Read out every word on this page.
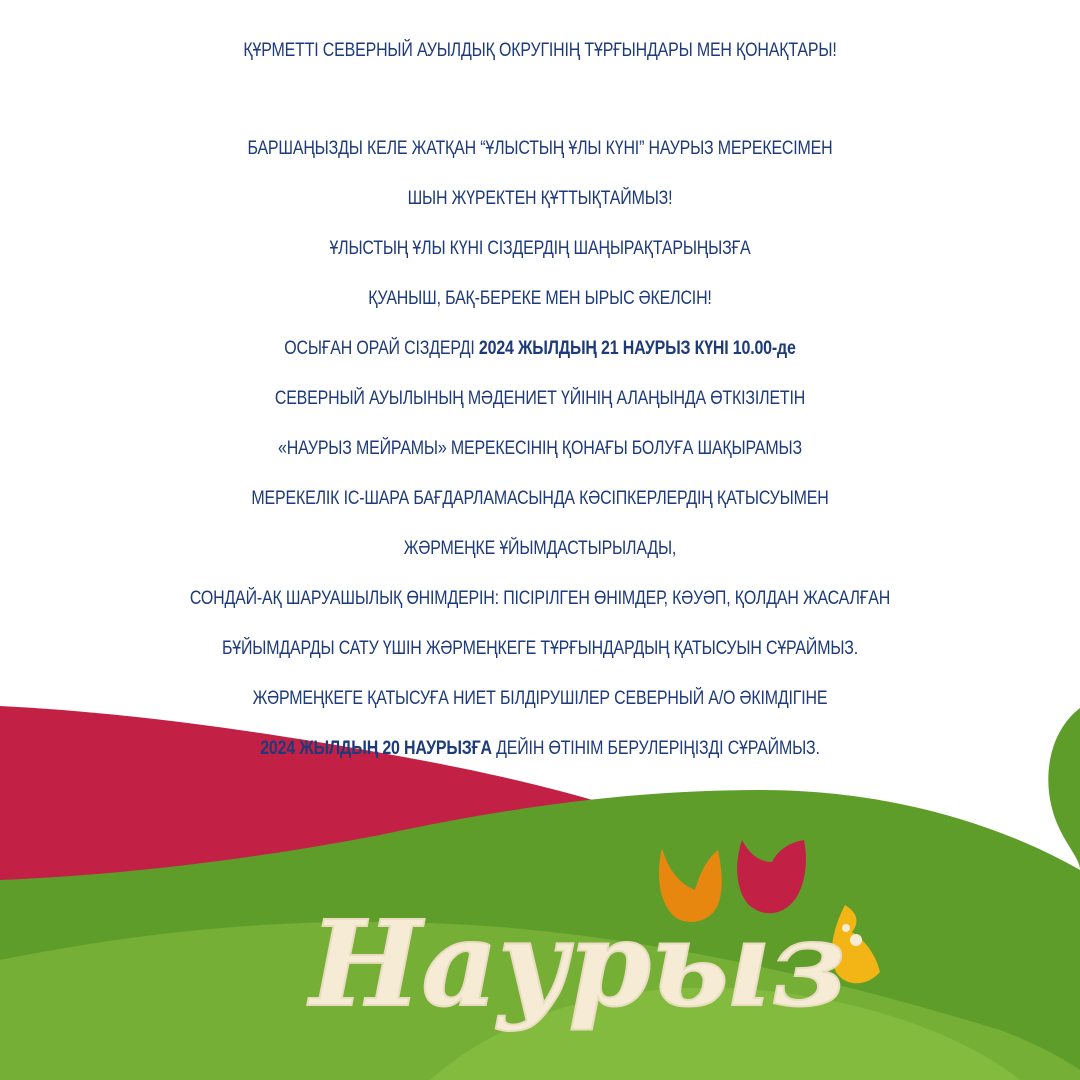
ҚҰРМЕТТІ СЕВЕРНЫЙ АУЫЛДЫҚ ОКРУГІНІҢ ТҰРҒЫНДАРЫ МЕН ҚОНАҚТАРЫ!
БАРШАҢЫЗДЫ КЕЛЕ ЖАТҚАН “ҰЛЫСТЫҢ ҰЛЫ КҮНІ” НАУРЫЗ МЕРЕКЕСІМЕН
ШЫН ЖҮРЕКТЕН ҚҰТТЫҚТАЙМЫЗ!
ҰЛЫСТЫҢ ҰЛЫ КҮНІ СІЗДЕРДІҢ ШАҢЫРАҚТАРЫҢЫЗҒА
ҚУАНЫШ, БАҚ-БЕРЕКЕ МЕН ЫРЫС ӘКЕЛСІН!
ОСЫҒАН ОРАЙ СІЗДЕРДІ 2024 ЖЫЛДЫҢ 21 НАУРЫЗ КҮНІ 10.00-де
СЕВЕРНЫЙ АУЫЛЫНЫҢ МӘДЕНИЕТ ҮЙІНІҢ АЛАҢЫНДА ӨТКІЗІЛЕТІН
«НАУРЫЗ МЕЙРАМЫ» МЕРЕКЕСІНІҢ ҚОНАҒЫ БОЛУҒА ШАҚЫРАМЫЗ
МЕРЕКЕЛІК ІС-ШАРА БАҒДАРЛАМАСЫНДА КӘСІПКЕРЛЕРДІҢ ҚАТЫСУЫМЕН
ЖӘРМЕҢКЕ ҰЙЫМДАСТЫРЫЛАДЫ,
СОНДАЙ-АҚ ШАРУАШЫЛЫҚ ӨНІМДЕРІН: ПІСІРІЛГЕН ӨНІМДЕР, КӘУӘП, ҚОЛДАН ЖАСАЛҒАН
БҰЙЫМДАРДЫ САТУ ҮШІН ЖӘРМЕҢКЕГЕ ТҰРҒЫНДАРДЫҢ ҚАТЫСУЫН СҰРАЙМЫЗ.
ЖӘРМЕҢКЕГЕ ҚАТЫСУҒА НИЕТ БІЛДІРУШІЛЕР СЕВЕРНЫЙ А/О ӘКІМДІГІНЕ
2024 ЖЫЛДЫҢ 20 НАУРЫЗҒА ДЕЙІН ӨТІНІМ БЕРУЛЕРІҢІЗДІ СҰРАЙМЫЗ.
Наурыз
